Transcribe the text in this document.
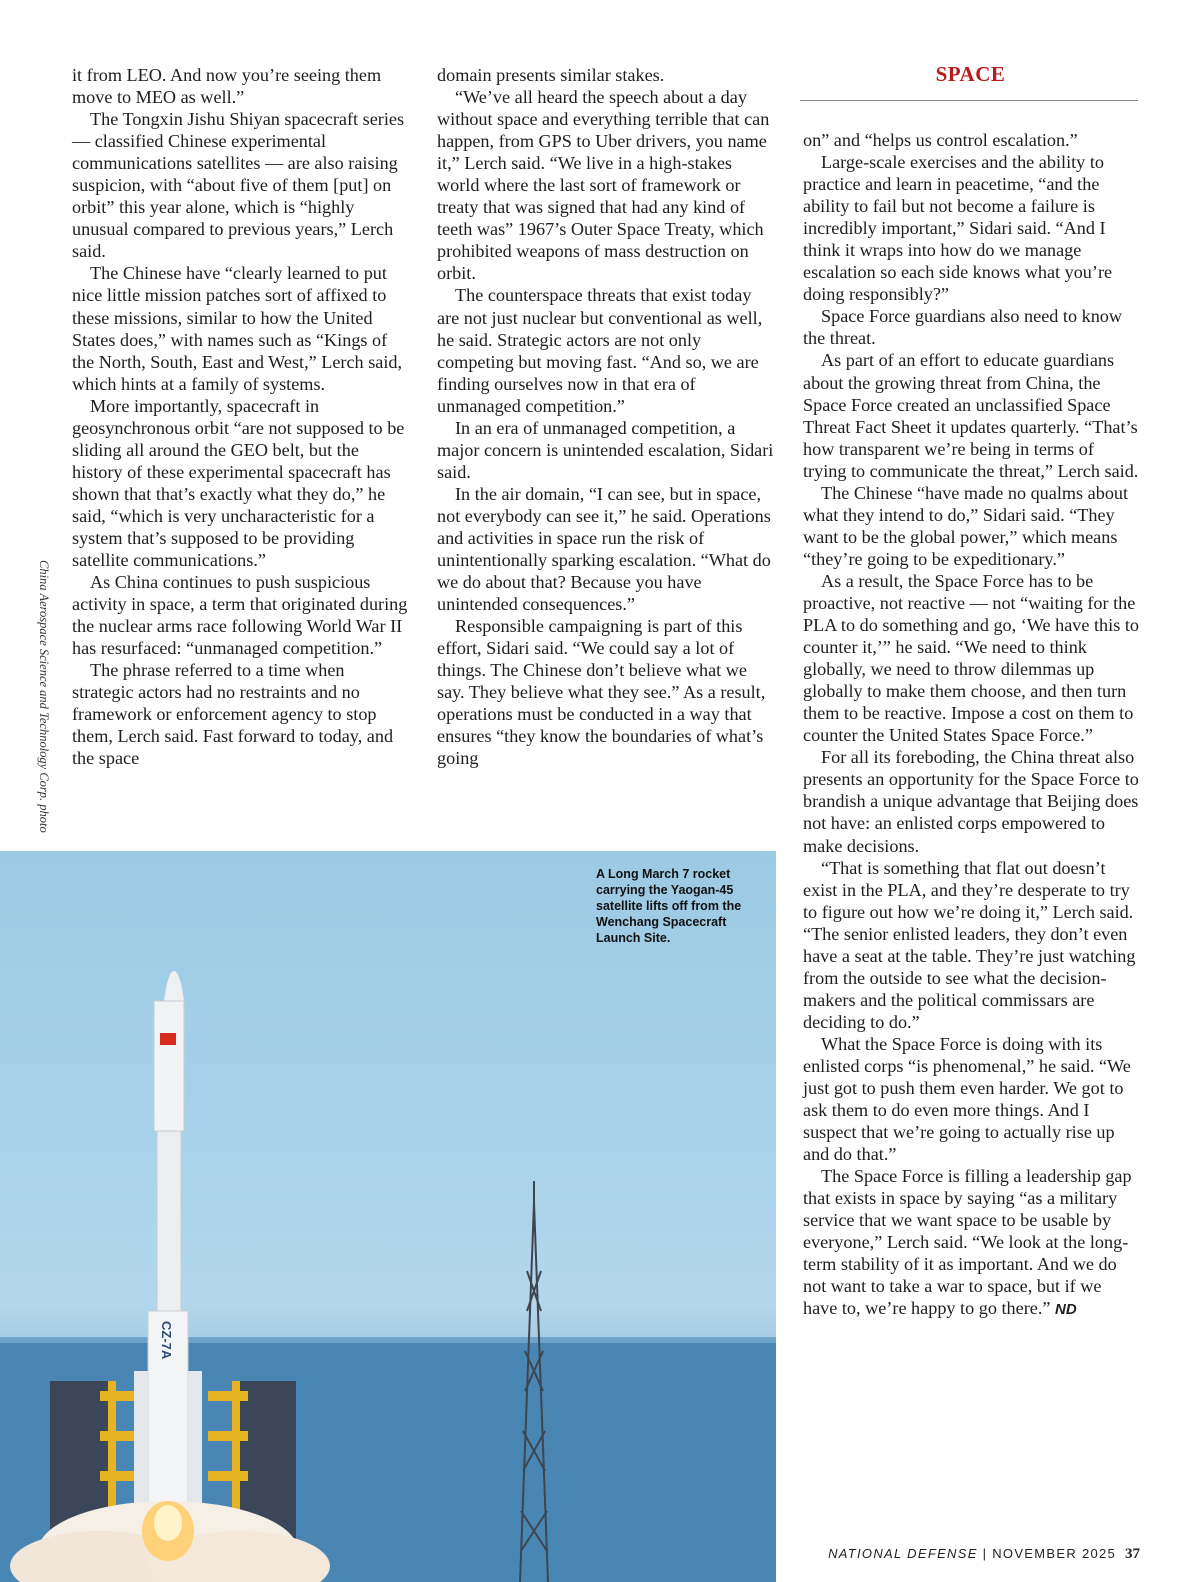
SPACE
China Aerospace Science and Technology Corp. photo

it from LEO. And now you’re seeing them move to MEO as well.”

The Tongxin Jishu Shiyan spacecraft series — classified Chinese experimental communications satellites — are also raising suspicion, with “about five of them [put] on orbit” this year alone, which is “highly unusual compared to previous years,” Lerch said.

The Chinese have “clearly learned to put nice little mission patches sort of affixed to these missions, similar to how the United States does,” with names such as “Kings of the North, South, East and West,” Lerch said, which hints at a family of systems.

More importantly, spacecraft in geosynchronous orbit “are not supposed to be sliding all around the GEO belt, but the history of these experimental spacecraft has shown that that’s exactly what they do,” he said, “which is very uncharacteristic for a system that’s supposed to be providing satellite communications.”

As China continues to push suspicious activity in space, a term that originated during the nuclear arms race following World War II has resurfaced: “unmanaged competition.”

The phrase referred to a time when strategic actors had no restraints and no framework or enforcement agency to stop them, Lerch said. Fast forward to today, and the space

domain presents similar stakes.

“We’ve all heard the speech about a day without space and everything terrible that can happen, from GPS to Uber drivers, you name it,” Lerch said. “We live in a high-stakes world where the last sort of framework or treaty that was signed that had any kind of teeth was” 1967’s Outer Space Treaty, which prohibited weapons of mass destruction on orbit.

The counterspace threats that exist today are not just nuclear but conventional as well, he said. Strategic actors are not only competing but moving fast. “And so, we are finding ourselves now in that era of unmanaged competition.”

In an era of unmanaged competition, a major concern is unintended escalation, Sidari said.

In the air domain, “I can see, but in space, not everybody can see it,” he said. Operations and activities in space run the risk of unintentionally sparking escalation. “What do we do about that? Because you have unintended consequences.”

Responsible campaigning is part of this effort, Sidari said. “We could say a lot of things. The Chinese don’t believe what we say. They believe what they see.” As a result, operations must be conducted in a way that ensures “they know the boundaries of what’s going

on” and “helps us control escalation.”

Large-scale exercises and the ability to practice and learn in peacetime, “and the ability to fail but not become a failure is incredibly important,” Sidari said. “And I think it wraps into how do we manage escalation so each side knows what you’re doing responsibly?”

Space Force guardians also need to know the threat.

As part of an effort to educate guardians about the growing threat from China, the Space Force created an unclassified Space Threat Fact Sheet it updates quarterly. “That’s how transparent we’re being in terms of trying to communicate the threat,” Lerch said.

The Chinese “have made no qualms about what they intend to do,” Sidari said. “They want to be the global power,” which means “they’re going to be expeditionary.”

As a result, the Space Force has to be proactive, not reactive — not “waiting for the PLA to do something and go, ‘We have this to counter it,’” he said. “We need to think globally, we need to throw dilemmas up globally to make them choose, and then turn them to be reactive. Impose a cost on them to counter the United States Space Force.”

For all its foreboding, the China threat also presents an opportunity for the Space Force to brandish a unique advantage that Beijing does not have: an enlisted corps empowered to make decisions.

“That is something that flat out doesn’t exist in the PLA, and they’re desperate to try to figure out how we’re doing it,” Lerch said. “The senior enlisted leaders, they don’t even have a seat at the table. They’re just watching from the outside to see what the decision-makers and the political commissars are deciding to do.”

What the Space Force is doing with its enlisted corps “is phenomenal,” he said. “We just got to push them even harder. We got to ask them to do even more things. And I suspect that we’re going to actually rise up and do that.”

The Space Force is filling a leadership gap that exists in space by saying “as a military service that we want space to be usable by everyone,” Lerch said. “We look at the long-term stability of it as important. And we do not want to take a war to space, but if we have to, we’re happy to go there.” ND

CZ-7A
A Long March 7 rocket carrying the Yaogan-45 satellite lifts off from the Wenchang Spacecraft Launch Site.
NATIONAL DEFENSE | NOVEMBER 2025 37
